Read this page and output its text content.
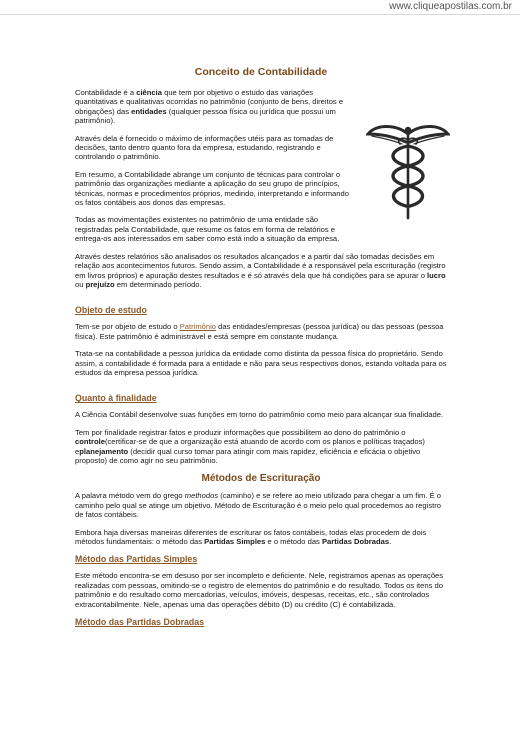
www.cliqueapostilas.com.br
Conceito de Contabilidade

Contabilidade é a ciência que tem por objetivo o estudo das variações quantitativas e qualitativas ocorridas no patrimônio (conjunto de bens, direitos e obrigações) das entidades (qualquer pessoa física ou jurídica que possui um patrimônio).

Através dela é fornecido o máximo de informações utéis para as tomadas de decisões, tanto dentro quanto fora da empresa, estudando, registrando e controlando o patrimônio.

Em resumo, a Contabilidade abrange um conjunto de técnicas para controlar o patrimônio das organizações mediante a aplicação do seu grupo de princípios, técnicas, normas e procedimentos próprios, medindo, interpretando e informando os fatos contábeis aos donos das empresas.

Todas as movimentações existentes no patrimônio de uma entidade são registradas pela Contabilidade, que resume os fatos em forma de relatórios e entrega-os aos interessados em saber como está indo a situação da empresa.

Através destes relatórios são analisados os resultados alcançados e a partir daí são tomadas decisões em relação aos acontecimentos futuros. Sendo assim, a Contabilidade é a responsável pela escrituração (registro em livros próprios) e apuração destes resultados e é só através dela que há condições para se apurar o lucro ou prejuízo em determinado período.

Objeto de estudo

Tem-se por objeto de estudo o Patrimônio das entidades/empresas (pessoa jurídica) ou das pessoas (pessoa física). Este patrimônio é administrável e está sempre em constante mudança.

Trata-se na contabilidade a pessoa jurídica da entidade como distinta da pessoa física do proprietário. Sendo assim, a contabilidade é formada para a entidade e não para seus respectivos donos, estando voltada para os estudos da empresa pessoa jurídica.

Quanto à finalidade

A Ciência Contábil desenvolve suas funções em torno do patrimônio como meio para alcançar sua finalidade.

Tem por finalidade registrar fatos e produzir informações que possibilitem ao dono do patrimônio o controle(certificar-se de que a organização está atuando de acordo com os planos e políticas traçados) eplanejamento (decidir qual curso tomar para atingir com mais rapidez, eficiência e eficácia o objetivo proposto) de como agir no seu patrimônio.

Métodos de Escrituração

A palavra método vem do grego methodos (caminho) e se refere ao meio utilizado para chegar a um fim. É o caminho pelo qual se atinge um objetivo. Método de Escrituração é o meio pelo qual procedemos ao registro de fatos contábeis.

Embora haja diversas maneiras diferentes de escriturar os fatos contábeis, todas elas procedem de dois métodos fundamentais: o método das Partidas Simples e o método das Partidas Dobradas.

Método das Partidas Simples

Este método encontra-se em desuso por ser incompleto e deficiente. Nele, registramos apenas as operações realizadas com pessoas, omitindo-se o registro de elementos do patrimônio e do resultado. Todos os itens do patrimônio e do resultado como mercadorias, veículos, imóveis, despesas, receitas, etc., são controlados extracontabilmente. Nele, apenas uma das operações débito (D) ou crédito (C) é contabilizada.

Método das Partidas Dobradas
